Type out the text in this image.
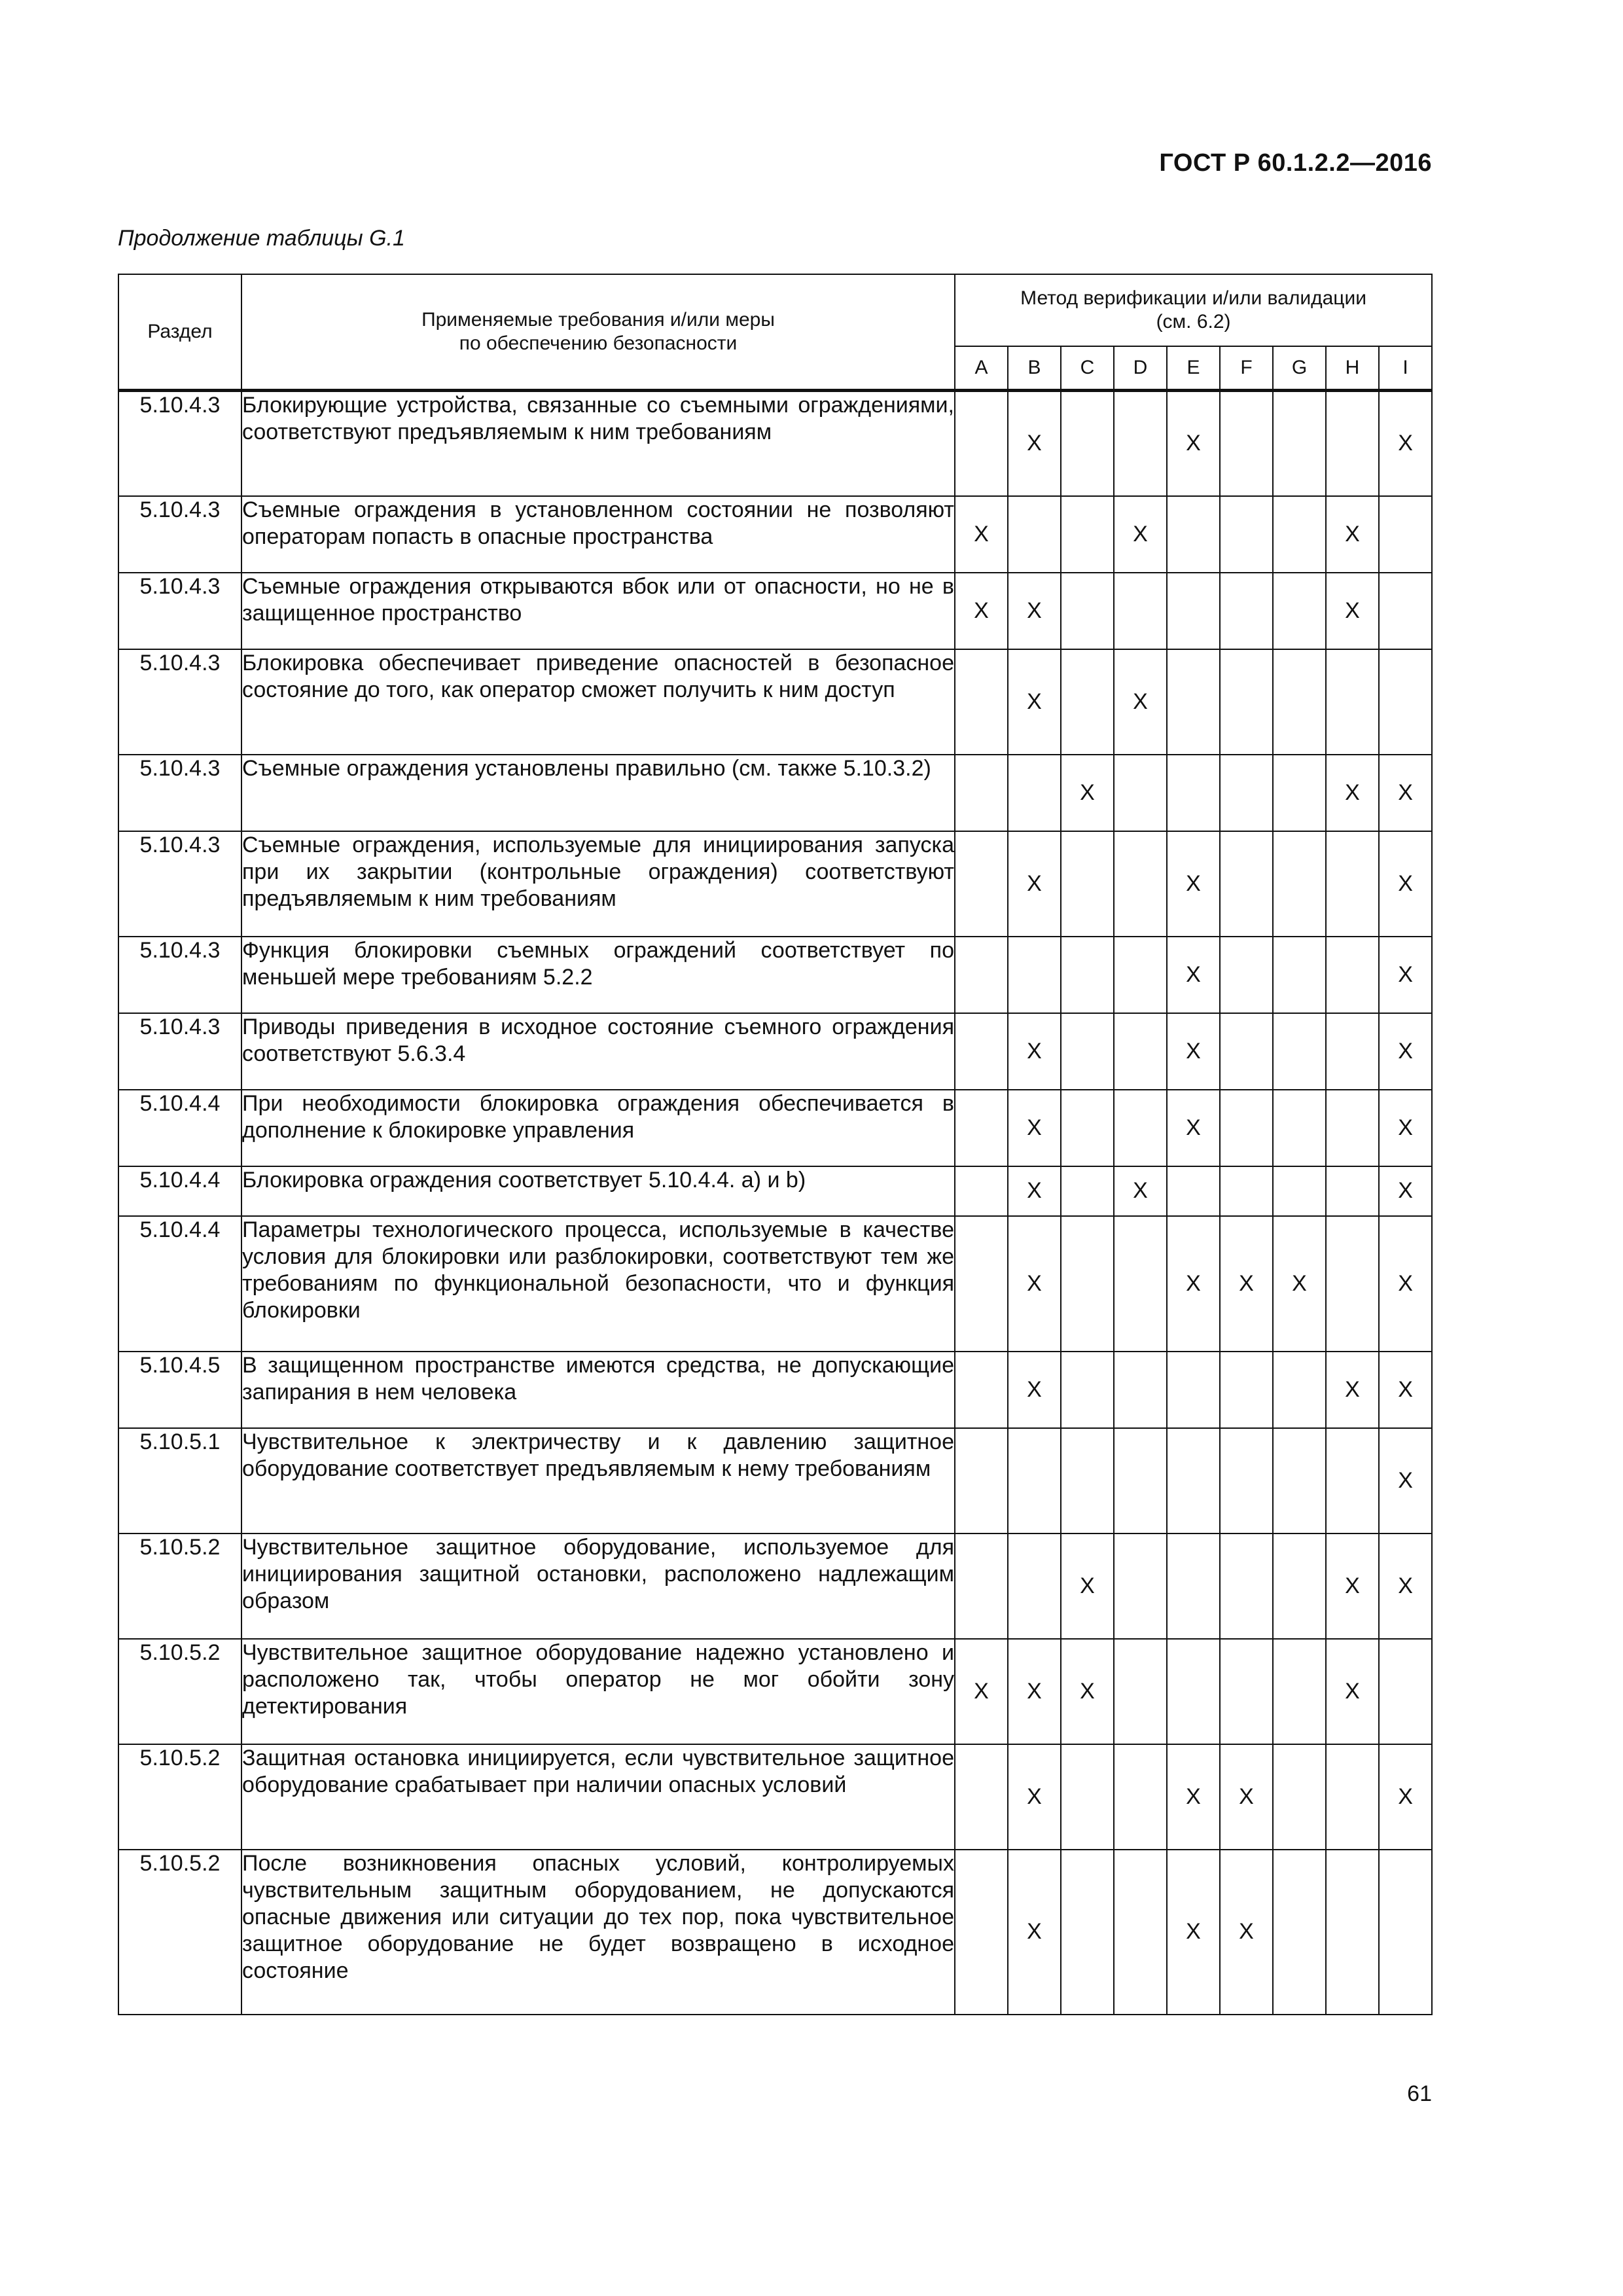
ГОСТ Р 60.1.2.2—2016
Продолжение таблицы G.1
Раздел	Применяемые требования и/или меры
по обеспечению безопасности	Метод верификации и/или валидации
(см. 6.2)								

		A	B	C	D	E	F	G	H	I
5.10.4.3	Блокирующие устройства, связанные со съемными ограждениями, соответствуют предъявляемым к ним требованиям		X			X				X
5.10.4.3	Съемные ограждения в установленном состоянии не позволяют операторам попасть в опасные пространства	X			X				X	
5.10.4.3	Съемные ограждения открываются вбок или от опасности, но не в защищенное пространство	X	X						X	
5.10.4.3	Блокировка обеспечивает приведение опасностей в безопасное состояние до того, как оператор сможет получить к ним доступ		X		X					
5.10.4.3	Съемные ограждения установлены правильно (см. также 5.10.3.2)			X					X	X
5.10.4.3	Съемные ограждения, используемые для инициирования запуска при их закрытии (контрольные ограждения) соответствуют предъявляемым к ним требованиям		X			X				X
5.10.4.3	Функция блокировки съемных ограждений соответствует по меньшей мере требованиям 5.2.2					X				X
5.10.4.3	Приводы приведения в исходное состояние съемного ограждения соответствуют 5.6.3.4		X			X				X
5.10.4.4	При необходимости блокировка ограждения обеспечивается в дополнение к блокировке управления		X			X				X
5.10.4.4	Блокировка ограждения соответствует 5.10.4.4. а) и b)		X		X					X
5.10.4.4	Параметры технологического процесса, используемые в качестве условия для блокировки или разблокировки, соответствуют тем же требованиям по функциональной безопасности, что и функция блокировки		X			X	X	X		X
5.10.4.5	В защищенном пространстве имеются средства, не допускающие запирания в нем человека		X						X	X
5.10.5.1	Чувствительное к электричеству и к давлению защитное оборудование соответствует предъявляемым к нему требованиям									X
5.10.5.2	Чувствительное защитное оборудование, используемое для инициирования защитной остановки, расположено надлежащим образом			X					X	X
5.10.5.2	Чувствительное защитное оборудование надежно установлено и расположено так, чтобы оператор не мог обойти зону детектирования	X	X	X					X	
5.10.5.2	Защитная остановка инициируется, если чувствительное защитное оборудование срабатывает при наличии опасных условий		X			X	X			X
5.10.5.2	После возникновения опасных условий, контролируемых чувствительным защитным оборудованием, не допускаются опасные движения или ситуации до тех пор, пока чувствительное защитное оборудование не будет возвращено в исходное состояние		X			X	X			
61
